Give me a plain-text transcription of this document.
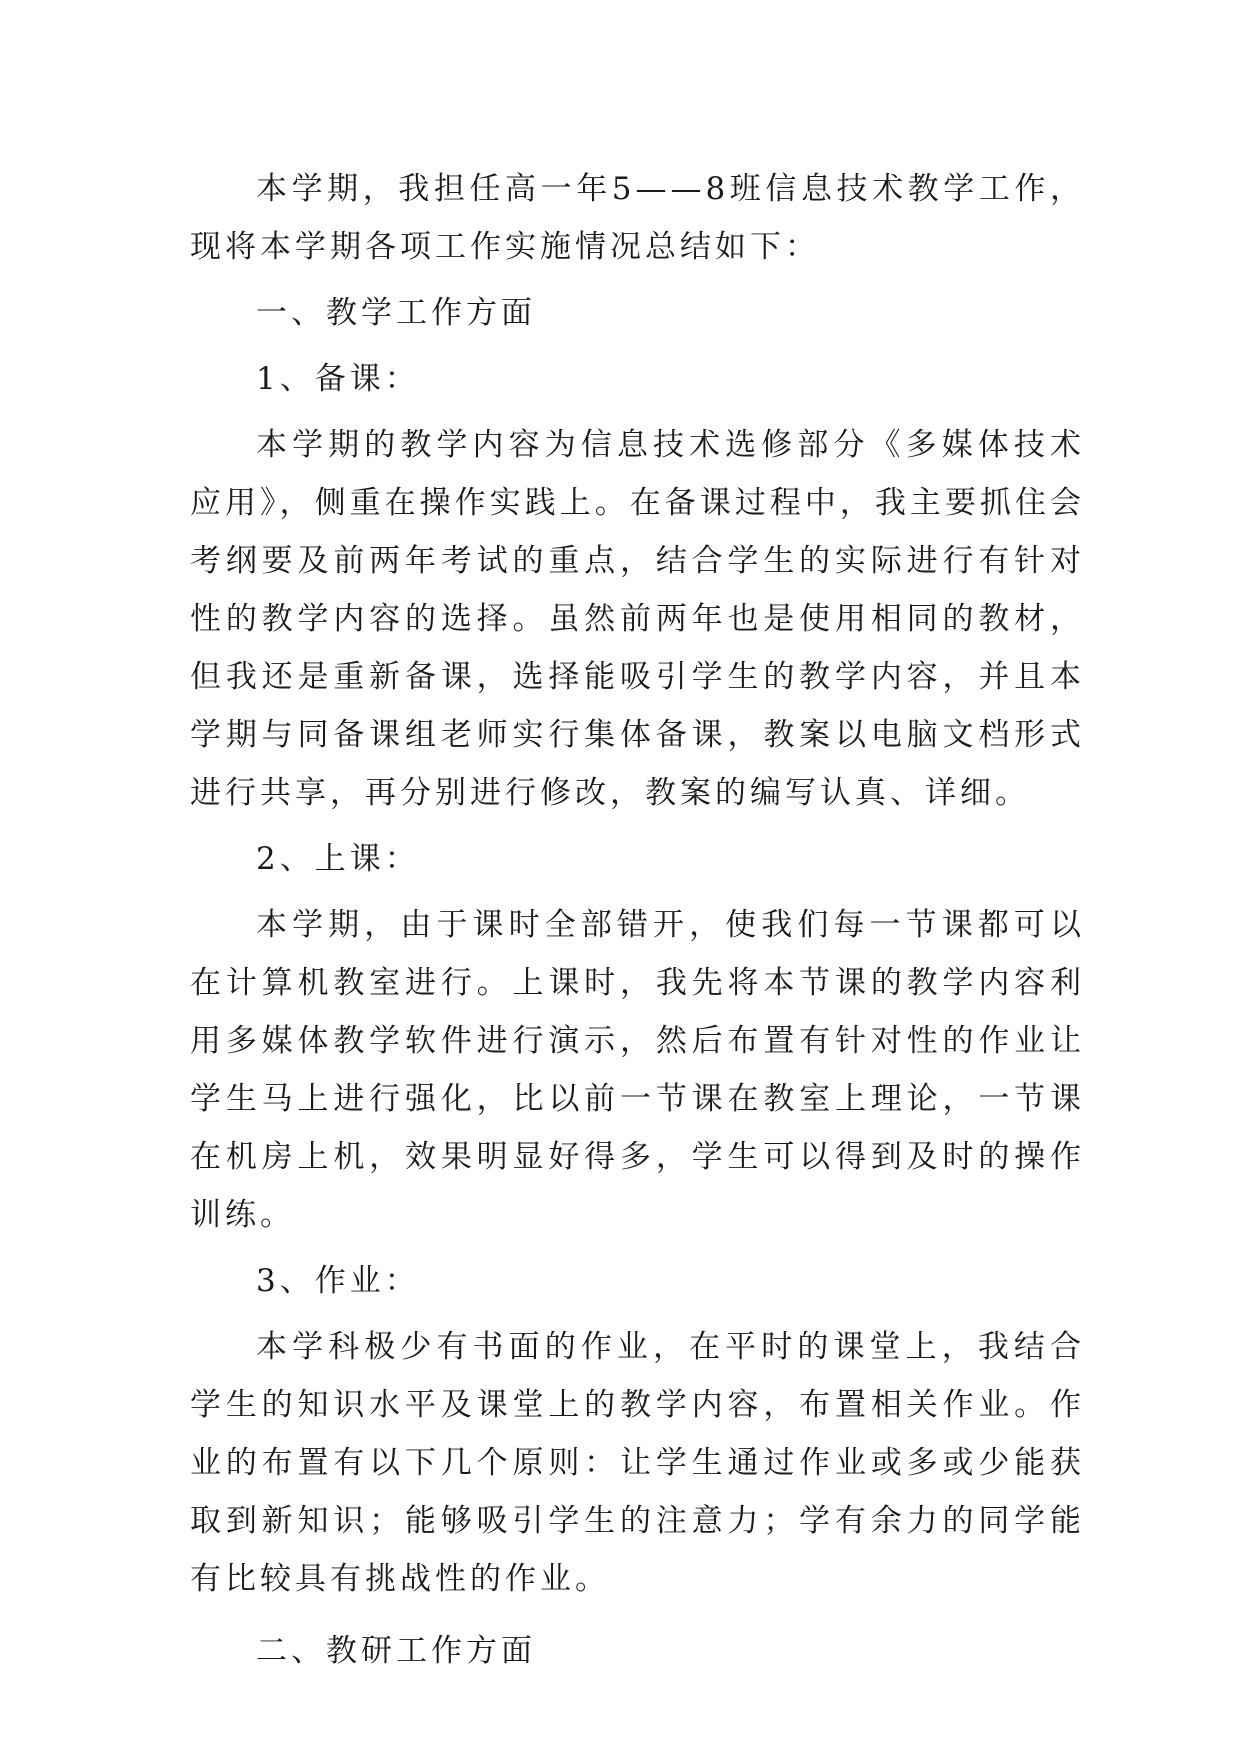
本学期，我担任高一年5——8班信息技术教学工作，现将本学期各项工作实施情况总结如下：

一、教学工作方面

1、备课：

本学期的教学内容为信息技术选修部分《多媒体技术应用》，侧重在操作实践上。在备课过程中，我主要抓住会考纲要及前两年考试的重点，结合学生的实际进行有针对性的教学内容的选择。虽然前两年也是使用相同的教材，但我还是重新备课，选择能吸引学生的教学内容，并且本学期与同备课组老师实行集体备课，教案以电脑文档形式进行共享，再分别进行修改，教案的编写认真、详细。

2、上课：

本学期，由于课时全部错开，使我们每一节课都可以在计算机教室进行。上课时，我先将本节课的教学内容利用多媒体教学软件进行演示，然后布置有针对性的作业让学生马上进行强化，比以前一节课在教室上理论，一节课在机房上机，效果明显好得多，学生可以得到及时的操作训练。

3、作业：

本学科极少有书面的作业，在平时的课堂上，我结合学生的知识水平及课堂上的教学内容，布置相关作业。作业的布置有以下几个原则：让学生通过作业或多或少能获取到新知识；能够吸引学生的注意力；学有余力的同学能有比较具有挑战性的作业。

二、教研工作方面
